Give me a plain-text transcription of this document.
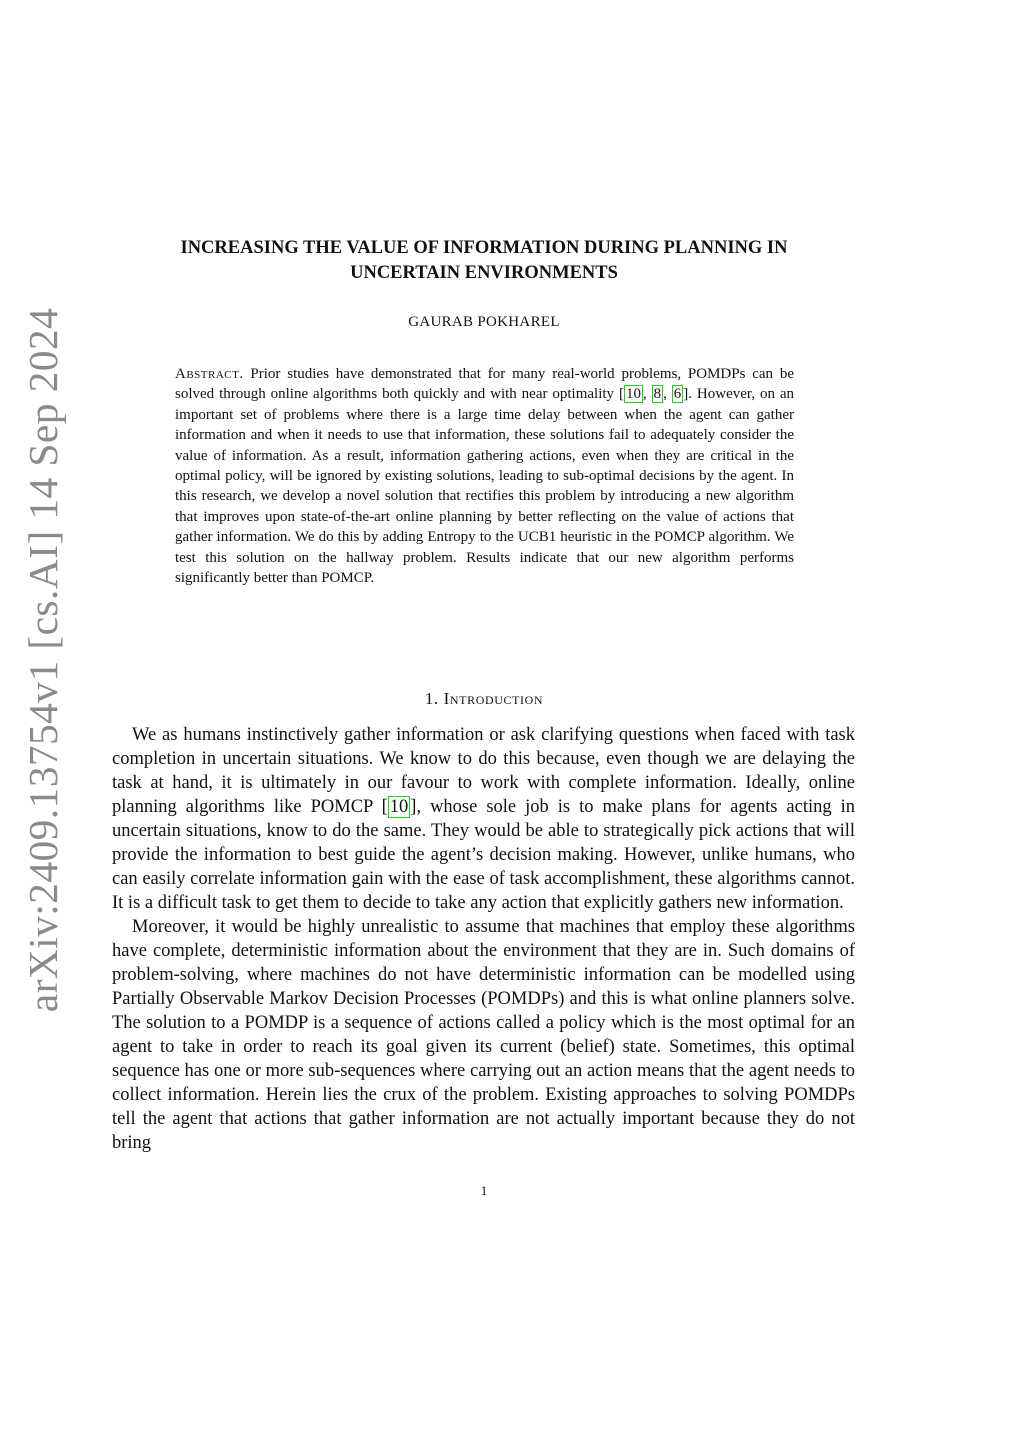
arXiv:2409.13754v1 [cs.AI] 14 Sep 2024
INCREASING THE VALUE OF INFORMATION DURING PLANNING IN
UNCERTAIN ENVIRONMENTS
GAURAB POKHAREL
Abstract. Prior studies have demonstrated that for many real-world problems, POMDPs can be solved through online algorithms both quickly and with near optimality [ 10 , 8 , 6 ]. However, on an important set of problems where there is a large time delay between when the agent can gather information and when it needs to use that information, these solutions fail to adequately consider the value of information. As a result, information gathering actions, even when they are critical in the optimal policy, will be ignored by existing solutions, leading to sub-optimal decisions by the agent. In this research, we develop a novel solution that rectifies this problem by introducing a new algorithm that improves upon state-of-the-art online planning by better reflecting on the value of actions that gather information. We do this by adding Entropy to the UCB1 heuristic in the POMCP algorithm. We test this solution on the hallway problem. Results indicate that our new algorithm performs significantly better than POMCP.
1. Introduction

We as humans instinctively gather information or ask clarifying questions when faced with task completion in uncertain situations. We know to do this because, even though we are delaying the task at hand, it is ultimately in our favour to work with complete information. Ideally, online planning algorithms like POMCP [ 10 ], whose sole job is to make plans for agents acting in uncertain situations, know to do the same. They would be able to strategically pick actions that will provide the information to best guide the agent’s decision making. However, unlike humans, who can easily correlate information gain with the ease of task accomplishment, these algorithms cannot. It is a difficult task to get them to decide to take any action that explicitly gathers new information.

Moreover, it would be highly unrealistic to assume that machines that employ these algorithms have complete, deterministic information about the environment that they are in. Such domains of problem-solving, where machines do not have deterministic information can be modelled using Partially Observable Markov Decision Processes (POMDPs) and this is what online planners solve. The solution to a POMDP is a sequence of actions called a policy which is the most optimal for an agent to take in order to reach its goal given its current (belief) state. Sometimes, this optimal sequence has one or more sub-sequences where carrying out an action means that the agent needs to collect information. Herein lies the crux of the problem. Existing approaches to solving POMDPs tell the agent that actions that gather information are not actually important because they do not bring

1
